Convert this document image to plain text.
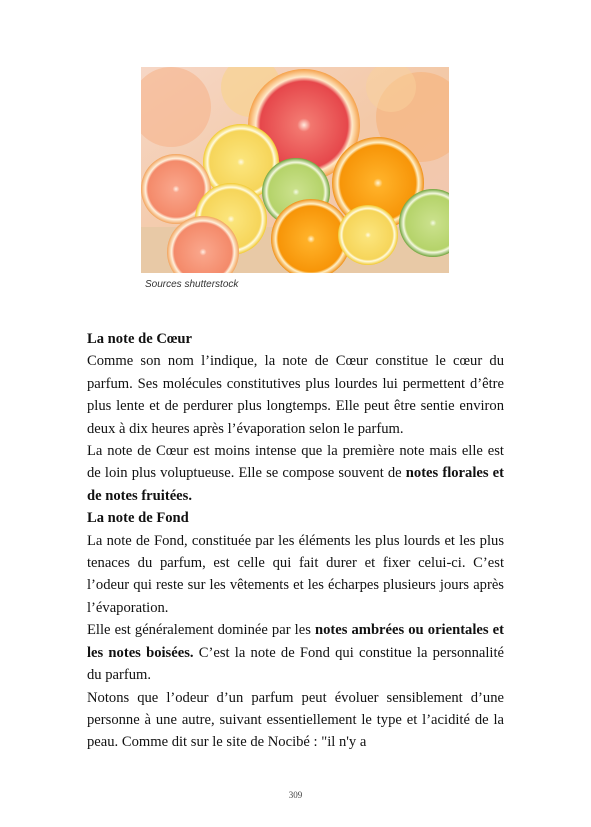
Sources shutterstock
La note de Cœur

Comme son nom l’indique, la note de Cœur constitue le cœur du parfum. Ses molécules constitutives plus lourdes lui permettent d’être plus lente et de perdurer plus longtemps. Elle peut être sentie environ deux à dix heures après l’évaporation selon le parfum.

La note de Cœur est moins intense que la première note mais elle est de loin plus voluptueuse. Elle se compose souvent de notes florales et de notes fruitées.

La note de Fond

La note de Fond, constituée par les éléments les plus lourds et les plus tenaces du parfum, est celle qui fait durer et fixer celui-ci. C’est l’odeur qui reste sur les vêtements et les écharpes plusieurs jours après l’évaporation.

Elle est généralement dominée par les notes ambrées ou orientales et les notes boisées. C’est la note de Fond qui constitue la personnalité du parfum.

Notons que l’odeur d’un parfum peut évoluer sensiblement d’une personne à une autre, suivant essentiellement le type et l’acidité de la peau. Comme dit sur le site de Nocibé : "il n'y a

309
